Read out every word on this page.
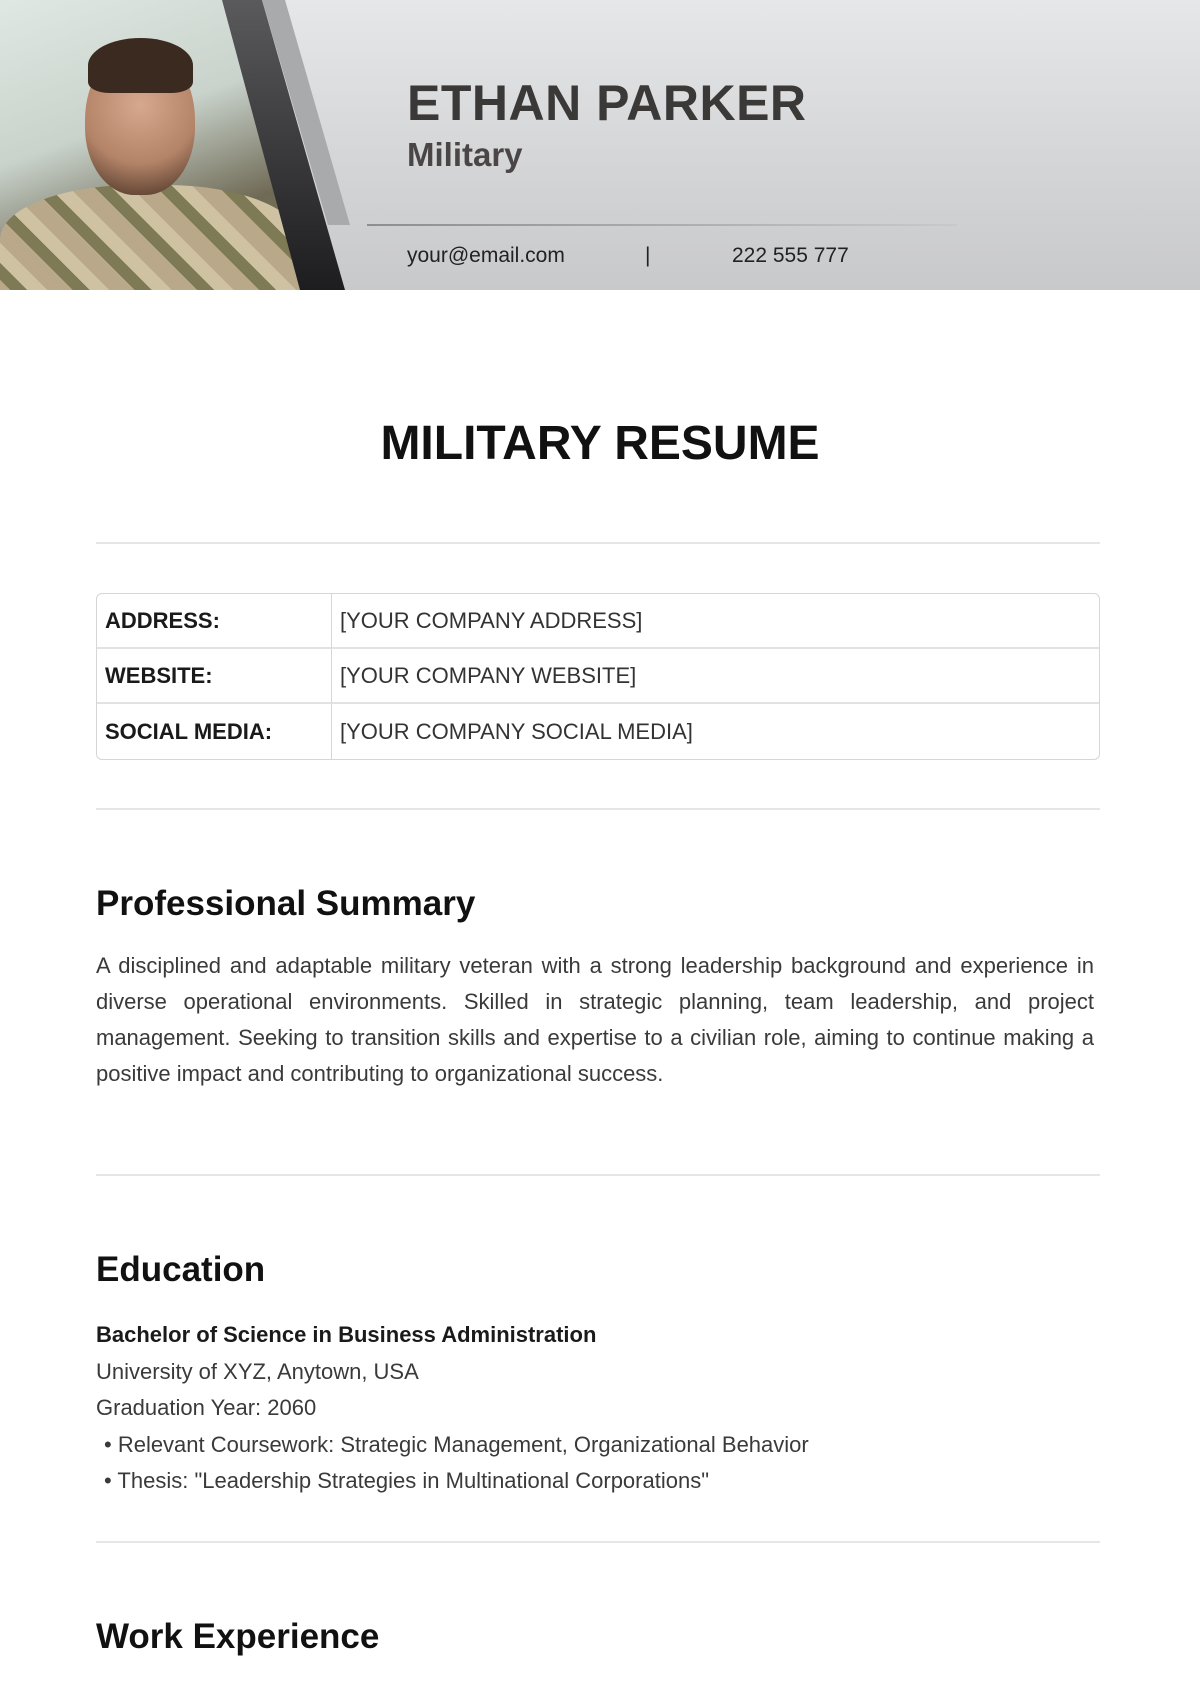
ETHAN PARKER
Military
your@email.com	|	222 555 777
MILITARY RESUME
ADDRESS:	[YOUR COMPANY ADDRESS]
WEBSITE:	[YOUR COMPANY WEBSITE]
SOCIAL MEDIA:	[YOUR COMPANY SOCIAL MEDIA]
Professional Summary

A disciplined and adaptable military veteran with a strong leadership background and experience in diverse operational environments. Skilled in strategic planning, team leadership, and project management. Seeking to transition skills and expertise to a civilian role, aiming to continue making a positive impact and contributing to organizational success.

Education
Bachelor of Science in Business Administration
University of XYZ, Anytown, USA
Graduation Year: 2060
• Relevant Coursework: Strategic Management, Organizational Behavior
• Thesis: "Leadership Strategies in Multinational Corporations"
Work Experience
